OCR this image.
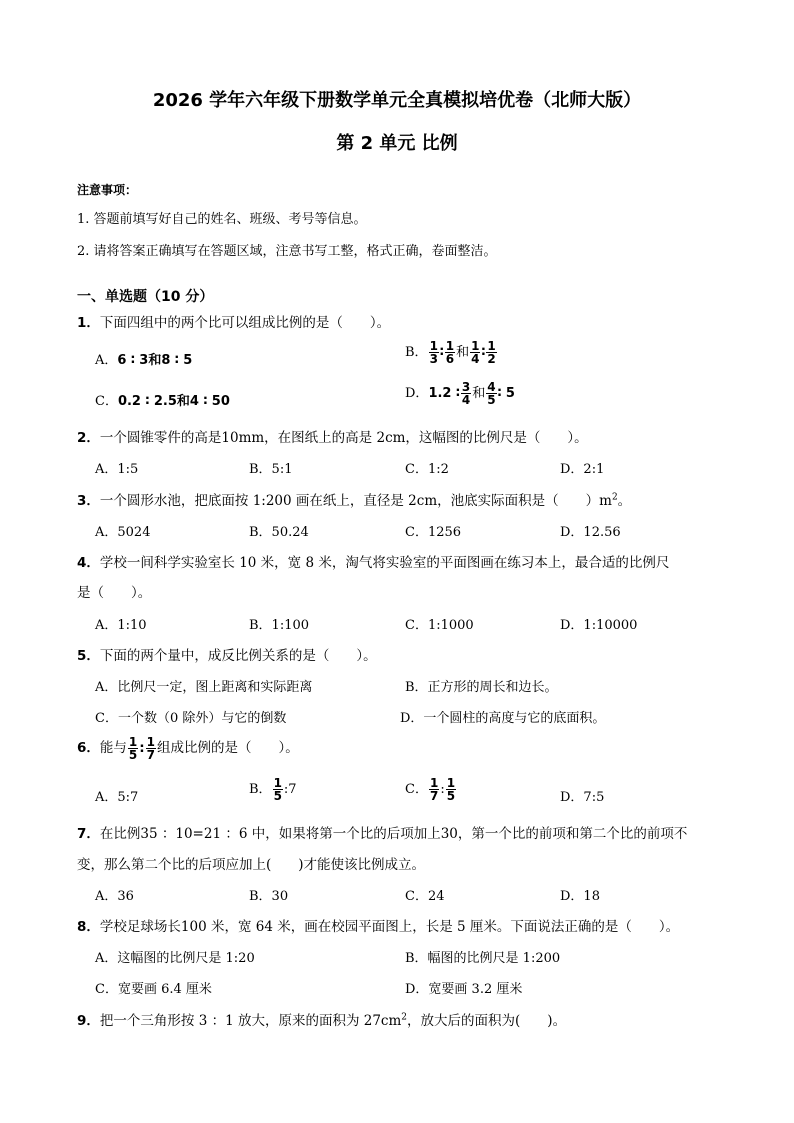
2026 学年六年级下册数学单元全真模拟培优卷（北师大版）
第 2 单元 比例
注意事项：
1. 答题前填写好自己的姓名、班级、考号等信息。
2. 请将答案正确填写在答题区域，注意书写工整，格式正确，卷面整洁。
一、单选题（10 分）
1．下面四组中的两个比可以组成比例的是（　　）。
A．6 ∶ 3和8 ∶ 5
B． $\frac{1}{3}$ ∶ $\frac{1}{6}$ 和 $\frac{1}{4}$ ∶ $\frac{1}{2}$
C．0.2 ∶ 2.5和4 ∶ 50
D．1.2 ∶ $\frac{3}{4}$ 和 $\frac{4}{5}$ ∶ 5
2．一个圆锥零件的高是10mm，在图纸上的高是 2cm，这幅图的比例尺是（　　）。
A．1:5	B．5:1	C．1:2	D．2:1
3．一个圆形水池，把底面按 1:200 画在纸上，直径是 2cm，池底实际面积是（　　）$m^2$。
A．5024	B．50.24	C．1256	D．12.56
4．学校一间科学实验室长 10 米，宽 8 米，淘气将实验室的平面图画在练习本上，最合适的比例尺
是（　　）。
A．1:10	B．1:100	C．1:1000	D．1:10000
5．下面的两个量中，成反比例关系的是（　　）。
A．比例尺一定，图上距离和实际距离	B．正方形的周长和边长。
C．一个数（0 除外）与它的倒数	D．一个圆柱的高度与它的底面积。
6．能与 $\frac{1}{5}$ : $\frac{1}{7}$ 组成比例的是（　　）。
A．5:7
B． $\frac{1}{5}$ :7	C． $\frac{1}{7}$ : $\frac{1}{5}$	D．7:5
7．在比例35 ：10=21 ：6 中，如果将第一个比的后项加上30，第一个比的前项和第二个比的前项不
变，那么第二个比的后项应加上(　　)才能使该比例成立。
A．36	B．30	C．24	D．18
8．学校足球场长100 米，宽 64 米，画在校园平面图上，长是 5 厘米。下面说法正确的是（　　）。
A．这幅图的比例尺是 1:20	B．幅图的比例尺是 1:200
C．宽要画 6.4 厘米	D．宽要画 3.2 厘米
9．把一个三角形按 3 ：1 放大，原来的面积为 $27cm^2$，放大后的面积为(　　)。
